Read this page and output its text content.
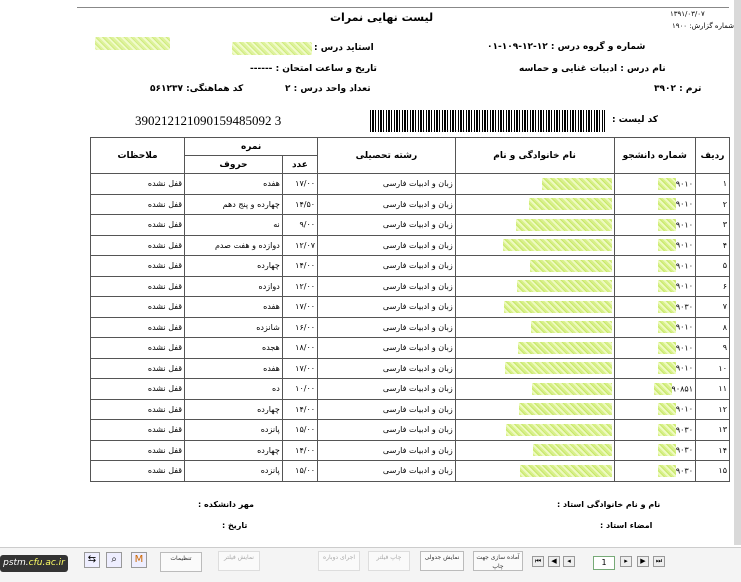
لیست نهایی نمرات	۱۳۹۱/۰۳/۰۷
شماره گزارش: ۱۹۰۰
استاید درس :	شماره و گروه درس : ۱۲-۱۲-۱۰۹-۰۱
تاریخ و ساعت امتحان : ------	نام درس : ادبیات غنایی و حماسه
کد هماهنگی: ۵۶۱۲۳۷	تعداد واحد درس : ۲	ترم : ۳۹۰۲
390212121090159485092 3	کد لیست :
ردیف	شماره دانشجو	نام خانوادگی و نام	رشته تحصیلی	نمره		ملاحظات
				عدد	حروف	
۱	۹۰۱۰		زبان و ادبیات فارسی	۱۷/۰۰	هفده	قفل نشده
۲	۹۰۱۰		زبان و ادبیات فارسی	۱۴/۵۰	چهارده و پنج دهم	قفل نشده
۳	۹۰۱۰		زبان و ادبیات فارسی	۹/۰۰	نه	قفل نشده
۴	۹۰۱۰		زبان و ادبیات فارسی	۱۲/۰۷	دوازده و هفت صدم	قفل نشده
۵	۹۰۱۰		زبان و ادبیات فارسی	۱۴/۰۰	چهارده	قفل نشده
۶	۹۰۱۰		زبان و ادبیات فارسی	۱۲/۰۰	دوازده	قفل نشده
۷	۹۰۳۰		زبان و ادبیات فارسی	۱۷/۰۰	هفده	قفل نشده
۸	۹۰۱۰		زبان و ادبیات فارسی	۱۶/۰۰	شانزده	قفل نشده
۹	۹۰۱۰		زبان و ادبیات فارسی	۱۸/۰۰	هجده	قفل نشده
۱۰	۹۰۱۰		زبان و ادبیات فارسی	۱۷/۰۰	هفده	قفل نشده
۱۱	۹۰۸۵۱		زبان و ادبیات فارسی	۱۰/۰۰	ده	قفل نشده
۱۲	۹۰۱۰		زبان و ادبیات فارسی	۱۴/۰۰	چهارده	قفل نشده
۱۳	۹۰۳۰		زبان و ادبیات فارسی	۱۵/۰۰	پانزده	قفل نشده
۱۴	۹۰۳۰		زبان و ادبیات فارسی	۱۴/۰۰	چهارده	قفل نشده
۱۵	۹۰۳۰		زبان و ادبیات فارسی	۱۵/۰۰	پانزده	قفل نشده
نام و نام خانوادگی استاد :
مهر دانشکده :
امضاء استاد :
تاریخ :
pstm.cfu.ac.ir	⇆	⌕	M	تنظیمات	نمایش فیلتر	اجرای دوباره	چاپ فیلتر	نمایش جدولی	آماده سازی جهت چاپ
⏮	◀	◂	1	▸	▶	⏭
